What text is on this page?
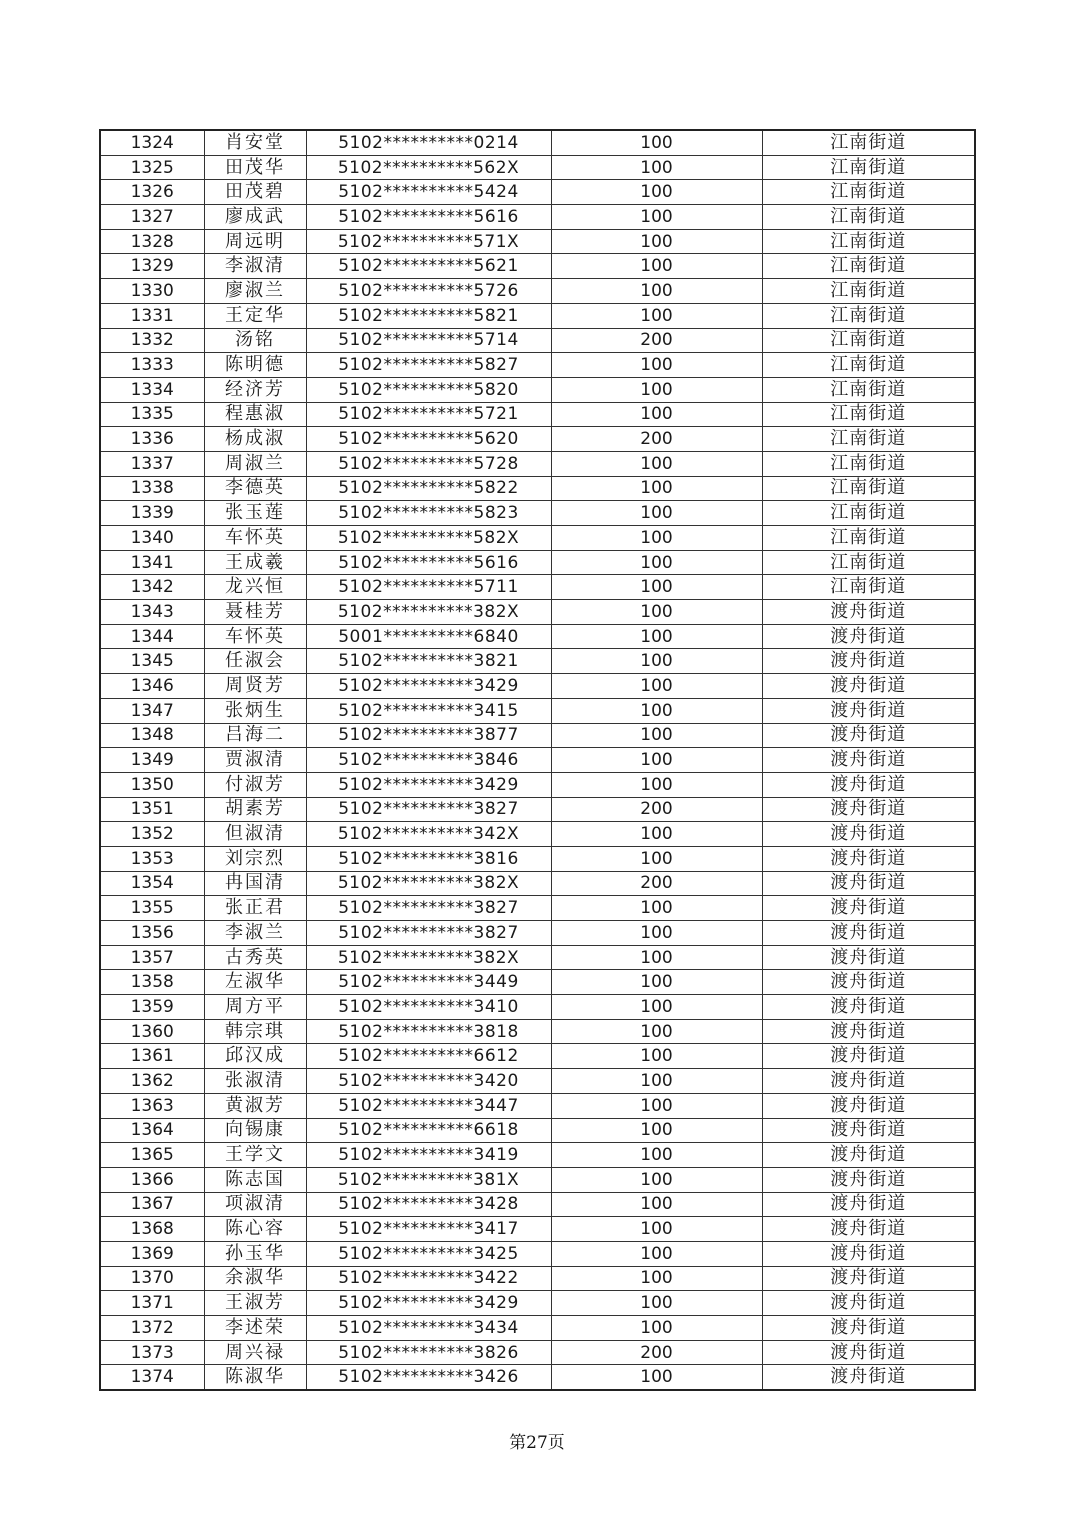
1324	肖安堂	5102**********0214	100	江南街道
1325	田茂华	5102**********562X	100	江南街道
1326	田茂碧	5102**********5424	100	江南街道
1327	廖成武	5102**********5616	100	江南街道
1328	周远明	5102**********571X	100	江南街道
1329	李淑清	5102**********5621	100	江南街道
1330	廖淑兰	5102**********5726	100	江南街道
1331	王定华	5102**********5821	100	江南街道
1332	汤铭	5102**********5714	200	江南街道
1333	陈明德	5102**********5827	100	江南街道
1334	经济芳	5102**********5820	100	江南街道
1335	程惠淑	5102**********5721	100	江南街道
1336	杨成淑	5102**********5620	200	江南街道
1337	周淑兰	5102**********5728	100	江南街道
1338	李德英	5102**********5822	100	江南街道
1339	张玉莲	5102**********5823	100	江南街道
1340	车怀英	5102**********582X	100	江南街道
1341	王成羲	5102**********5616	100	江南街道
1342	龙兴恒	5102**********5711	100	江南街道
1343	聂桂芳	5102**********382X	100	渡舟街道
1344	车怀英	5001**********6840	100	渡舟街道
1345	任淑会	5102**********3821	100	渡舟街道
1346	周贤芳	5102**********3429	100	渡舟街道
1347	张炳生	5102**********3415	100	渡舟街道
1348	吕海二	5102**********3877	100	渡舟街道
1349	贾淑清	5102**********3846	100	渡舟街道
1350	付淑芳	5102**********3429	100	渡舟街道
1351	胡素芳	5102**********3827	200	渡舟街道
1352	但淑清	5102**********342X	100	渡舟街道
1353	刘宗烈	5102**********3816	100	渡舟街道
1354	冉国清	5102**********382X	200	渡舟街道
1355	张正君	5102**********3827	100	渡舟街道
1356	李淑兰	5102**********3827	100	渡舟街道
1357	古秀英	5102**********382X	100	渡舟街道
1358	左淑华	5102**********3449	100	渡舟街道
1359	周方平	5102**********3410	100	渡舟街道
1360	韩宗琪	5102**********3818	100	渡舟街道
1361	邱汉成	5102**********6612	100	渡舟街道
1362	张淑清	5102**********3420	100	渡舟街道
1363	黄淑芳	5102**********3447	100	渡舟街道
1364	向锡康	5102**********6618	100	渡舟街道
1365	王学文	5102**********3419	100	渡舟街道
1366	陈志国	5102**********381X	100	渡舟街道
1367	项淑清	5102**********3428	100	渡舟街道
1368	陈心容	5102**********3417	100	渡舟街道
1369	孙玉华	5102**********3425	100	渡舟街道
1370	余淑华	5102**********3422	100	渡舟街道
1371	王淑芳	5102**********3429	100	渡舟街道
1372	李述荣	5102**********3434	100	渡舟街道
1373	周兴禄	5102**********3826	200	渡舟街道
1374	陈淑华	5102**********3426	100	渡舟街道
第27页
